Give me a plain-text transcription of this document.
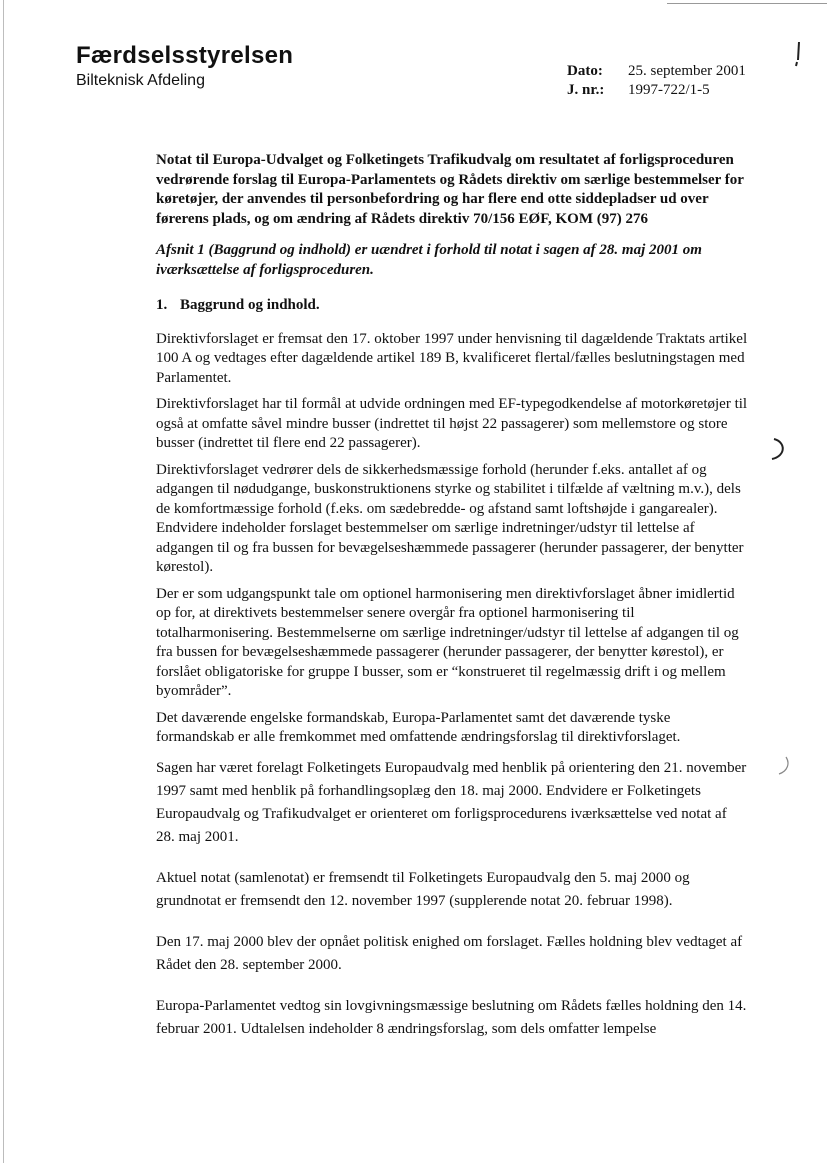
Færdselsstyrelsen
Bilteknisk Afdeling
Dato:	25. september 2001
J. nr.:	1997-722/1-5

Notat til Europa-Udvalget og Folketingets Trafikudvalg om resultatet af forligsproceduren vedrørende forslag til Europa-Parlamentets og Rådets direktiv om særlige bestemmelser for køretøjer, der anvendes til personbefordring og har flere end otte siddepladser ud over førerens plads, og om ændring af Rådets direktiv 70/156 EØF, KOM (97) 276

Afsnit 1 (Baggrund og indhold) er uændret i forhold til notat i sagen af 28. maj 2001 om iværksættelse af forligsproceduren.

1. Baggrund og indhold.

Direktivforslaget er fremsat den 17. oktober 1997 under henvisning til dagældende Traktats artikel 100 A og vedtages efter dagældende artikel 189 B, kvalificeret flertal/fælles beslutningstagen med Parlamentet.

Direktivforslaget har til formål at udvide ordningen med EF-typegodkendelse af motorkøretøjer til også at omfatte såvel mindre busser (indrettet til højst 22 passagerer) som mellemstore og store busser (indrettet til flere end 22 passagerer).

Direktivforslaget vedrører dels de sikkerhedsmæssige forhold (herunder f.eks. antallet af og adgangen til nødudgange, buskonstruktionens styrke og stabilitet i tilfælde af væltning m.v.), dels de komfortmæssige forhold (f.eks. om sædebredde- og afstand samt loftshøjde i gangarealer). Endvidere indeholder forslaget bestemmelser om særlige indretninger/udstyr til lettelse af adgangen til og fra bussen for bevægelseshæmmede passagerer (herunder passagerer, der benytter kørestol).

Der er som udgangspunkt tale om optionel harmonisering men direktivforslaget åbner imidlertid op for, at direktivets bestemmelser senere overgår fra optionel harmonisering til totalharmonisering. Bestemmelserne om særlige indretninger/udstyr til lettelse af adgangen til og fra bussen for bevægelseshæmmede passagerer (herunder passagerer, der benytter kørestol), er forslået obligatoriske for gruppe I busser, som er “konstrueret til regelmæssig drift i og mellem byområder”.

Det daværende engelske formandskab, Europa-Parlamentet samt det daværende tyske formandskab er alle fremkommet med omfattende ændringsforslag til direktivforslaget.

Sagen har været forelagt Folketingets Europaudvalg med henblik på orientering den 21. november 1997 samt med henblik på forhandlingsoplæg den 18. maj 2000. Endvidere er Folketingets Europaudvalg og Trafikudvalget er orienteret om forligsprocedurens iværksættelse ved notat af 28. maj 2001.

Aktuel notat (samlenotat) er fremsendt til Folketingets Europaudvalg den 5. maj 2000 og grundnotat er fremsendt den 12. november 1997 (supplerende notat 20. februar 1998).

Den 17. maj 2000 blev der opnået politisk enighed om forslaget. Fælles holdning blev vedtaget af Rådet den 28. september 2000.

Europa-Parlamentet vedtog sin lovgivningsmæssige beslutning om Rådets fælles holdning den 14. februar 2001. Udtalelsen indeholder 8 ændringsforslag, som dels omfatter lempelse
